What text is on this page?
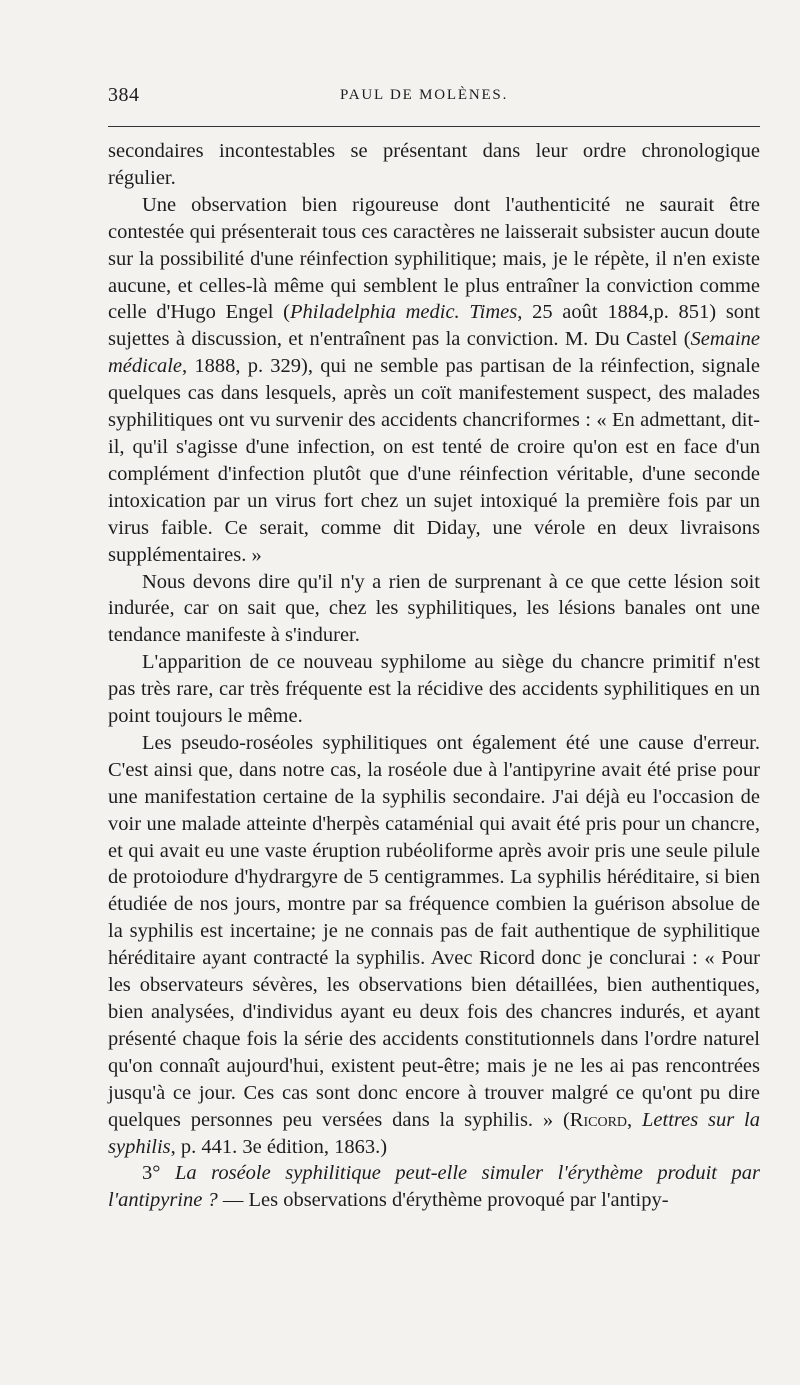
384	PAUL DE MOLÈNES.

secondaires incontestables se présentant dans leur ordre chronologique régulier.

Une observation bien rigoureuse dont l'authenticité ne saurait être contestée qui présenterait tous ces caractères ne laisserait subsister aucun doute sur la possibilité d'une réinfection syphilitique; mais, je le répète, il n'en existe aucune, et celles-là même qui semblent le plus entraîner la conviction comme celle d'Hugo Engel (Philadelphia medic. Times, 25 août 1884,p. 851) sont sujettes à discussion, et n'entraînent pas la conviction. M. Du Castel (Semaine médicale, 1888, p. 329), qui ne semble pas partisan de la réinfection, signale quelques cas dans lesquels, après un coït manifestement suspect, des malades syphilitiques ont vu survenir des accidents chancriformes : « En admettant, dit-il, qu'il s'agisse d'une infection, on est tenté de croire qu'on est en face d'un complément d'infection plutôt que d'une réinfection véritable, d'une seconde intoxication par un virus fort chez un sujet intoxiqué la première fois par un virus faible. Ce serait, comme dit Diday, une vérole en deux livraisons supplémentaires. »

Nous devons dire qu'il n'y a rien de surprenant à ce que cette lésion soit indurée, car on sait que, chez les syphilitiques, les lésions banales ont une tendance manifeste à s'indurer.

L'apparition de ce nouveau syphilome au siège du chancre primitif n'est pas très rare, car très fréquente est la récidive des accidents syphilitiques en un point toujours le même.

Les pseudo-roséoles syphilitiques ont également été une cause d'erreur. C'est ainsi que, dans notre cas, la roséole due à l'antipyrine avait été prise pour une manifestation certaine de la syphilis secondaire. J'ai déjà eu l'occasion de voir une malade atteinte d'herpès cataménial qui avait été pris pour un chancre, et qui avait eu une vaste éruption rubéoliforme après avoir pris une seule pilule de protoiodure d'hydrargyre de 5 centigrammes. La syphilis héréditaire, si bien étudiée de nos jours, montre par sa fréquence combien la guérison absolue de la syphilis est incertaine; je ne connais pas de fait authentique de syphilitique héréditaire ayant contracté la syphilis. Avec Ricord donc je conclurai : « Pour les observateurs sévères, les observations bien détaillées, bien authentiques, bien analysées, d'individus ayant eu deux fois des chancres indurés, et ayant présenté chaque fois la série des accidents constitutionnels dans l'ordre naturel qu'on connaît aujourd'hui, existent peut-être; mais je ne les ai pas rencontrées jusqu'à ce jour. Ces cas sont donc encore à trouver malgré ce qu'ont pu dire quelques personnes peu versées dans la syphilis. » (Ricord, Lettres sur la syphilis, p. 441. 3e édition, 1863.)

3° La roséole syphilitique peut-elle simuler l'érythème produit par l'antipyrine ? — Les observations d'érythème provoqué par l'antipy-
